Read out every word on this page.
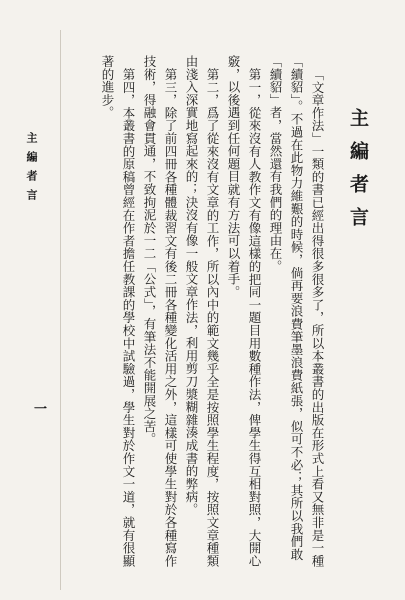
主編者言

「文章作法」一類的書已經出得很多很多了，所以本叢書的出版在形式上看又無非是一種「續貂」。不過在此物力維艱的時候，倘再要浪費筆墨浪費紙張，似可不必；其所以我們敢「續貂」者，當然還有我們的理由在。

第一，從來沒有人教作文有像這樣的把同一題目用數種作法，俾學生得互相對照，大開心竅，以後遇到任何題目就有方法可以着手。

第二，爲了從來沒有文章的工作，所以內中的範文幾乎全是按照學生程度，按照文章種類由淺入深實地寫起來的；決沒有像一般文章作法，利用剪刀漿糊雜湊成書的弊病。

第三，除了前四冊各種體裁習文有後二冊各種變化活用之外，這樣可使學生對於各種寫作技術，得融會貫通，不致拘泥於一二「公式」，有筆法不能開展之苦。

第四，本叢書的原稿曾經在作者擔任教課的學校中試驗過，學生對於作文一道，就有很顯著的進步。

主編者言
一
